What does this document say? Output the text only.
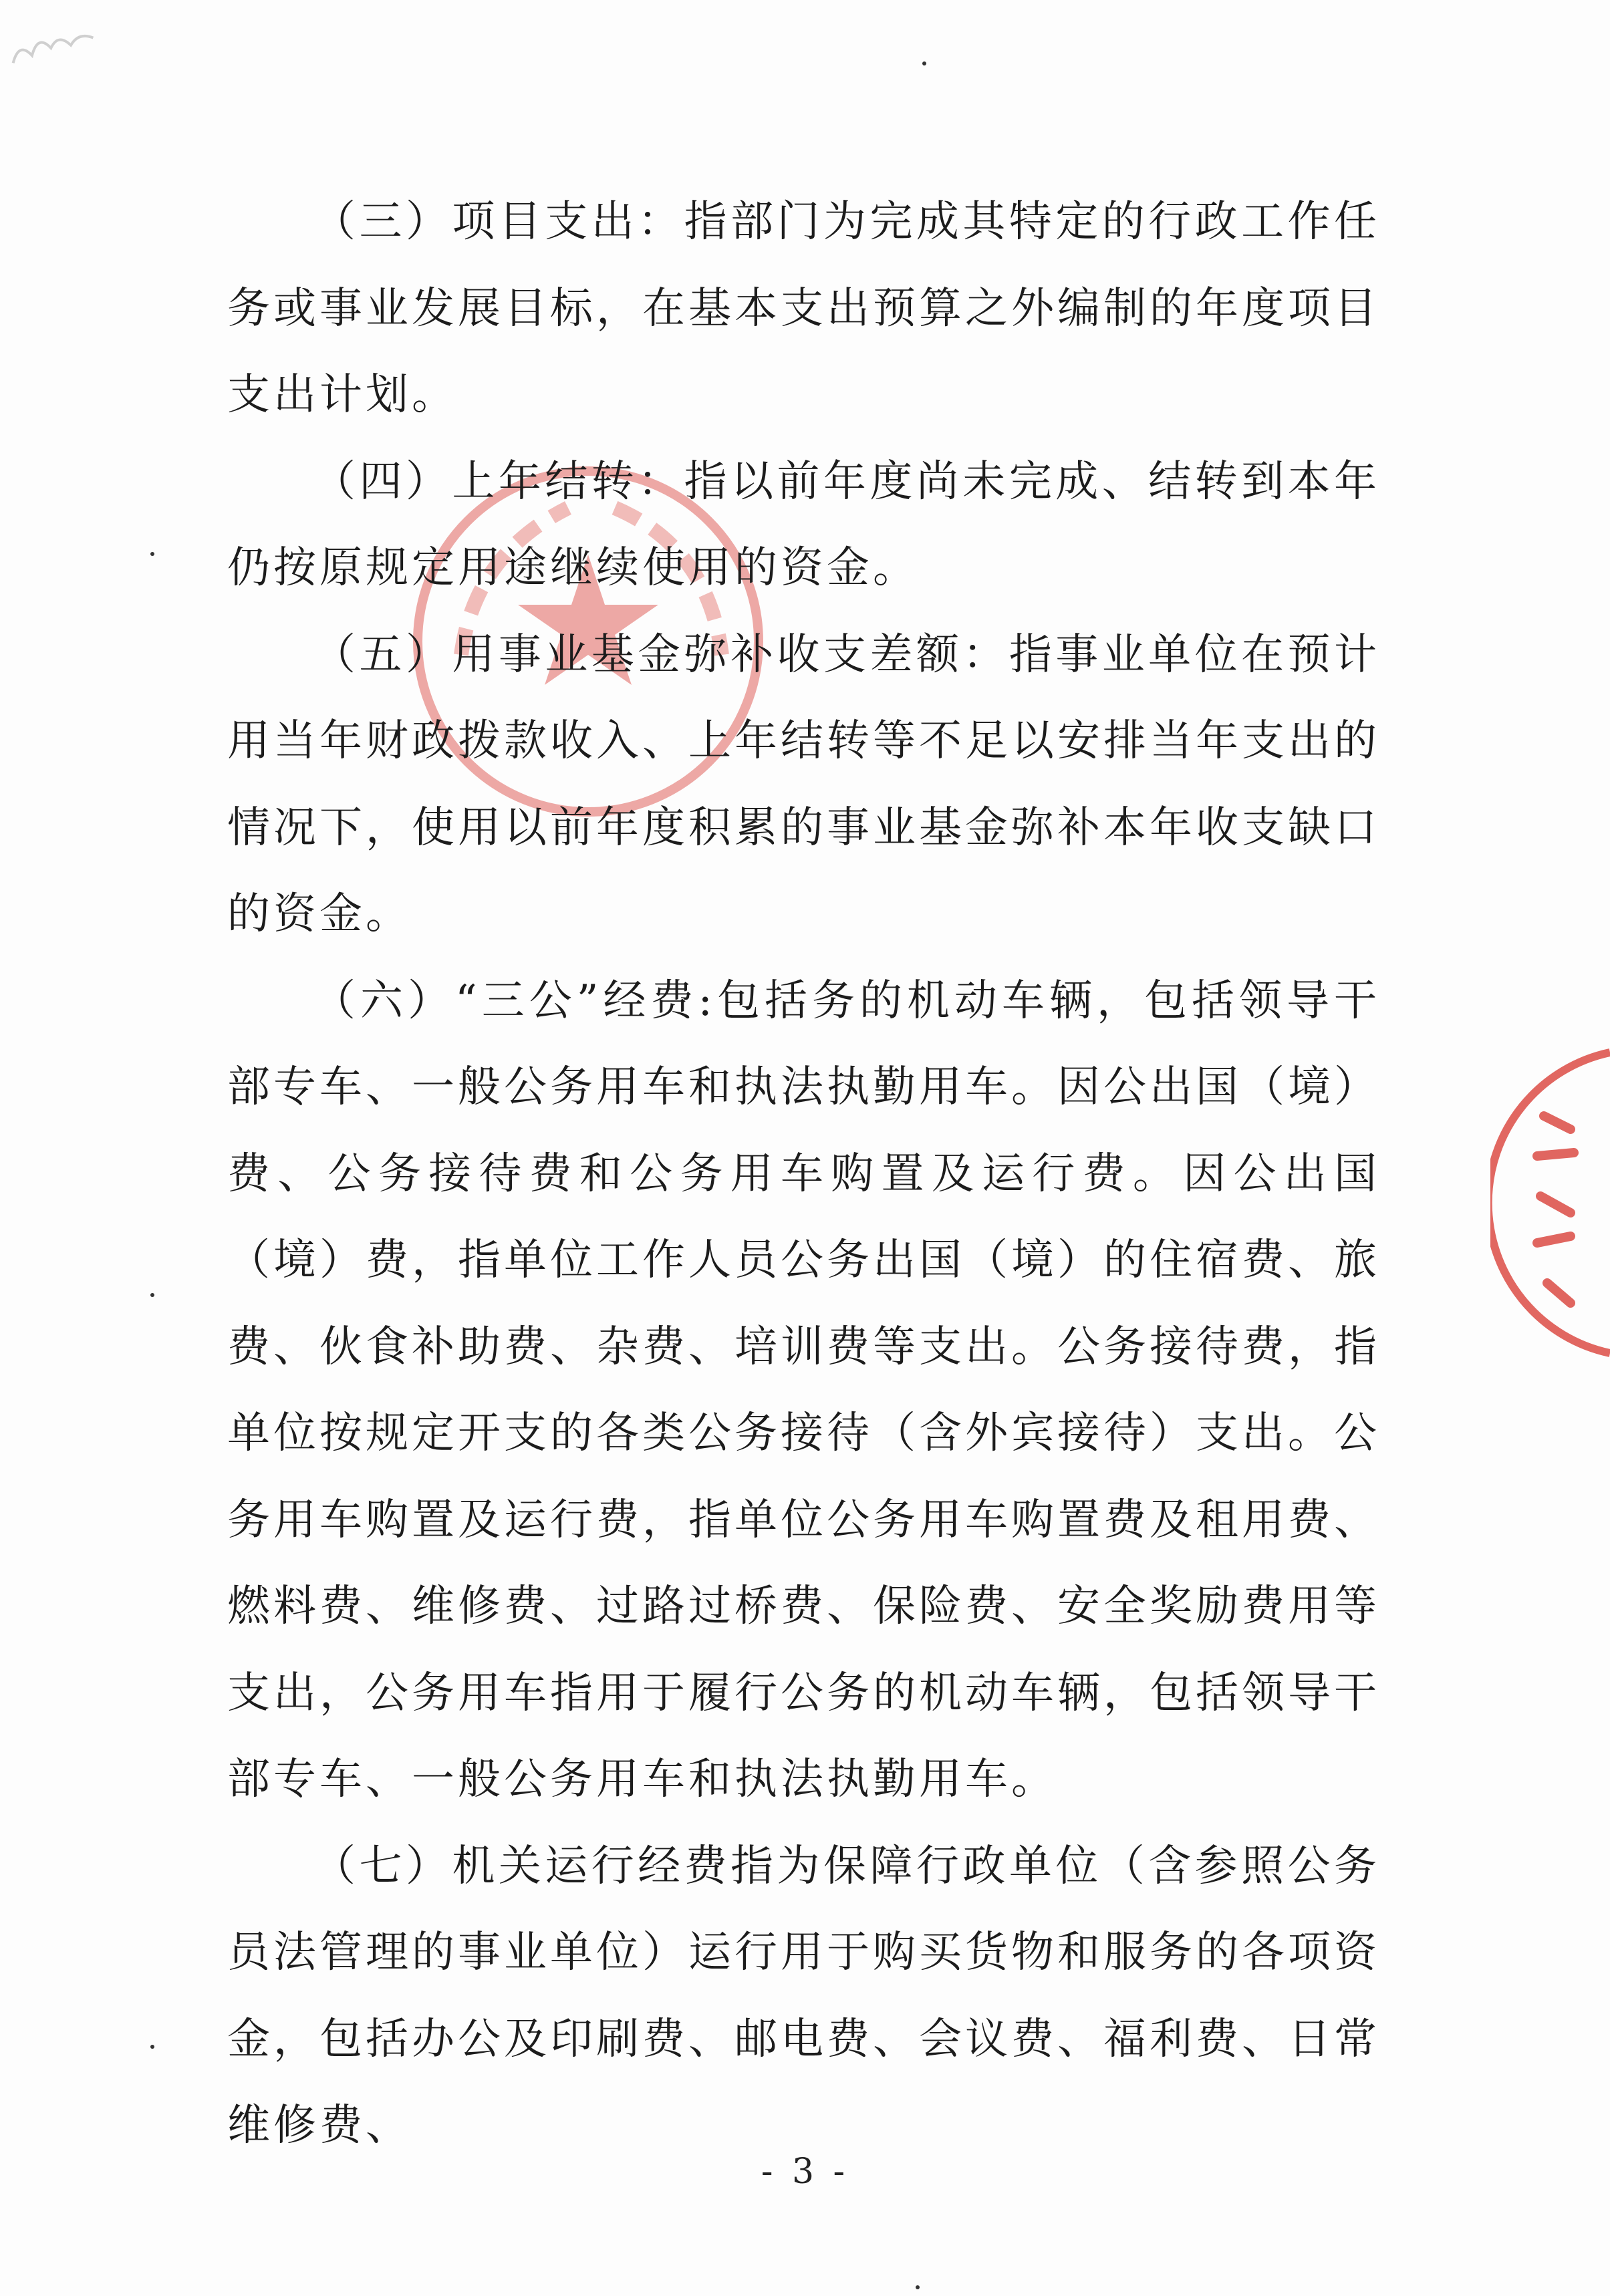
（三）项目支出：指部门为完成其特定的行政工作任务或事业发展目标，在基本支出预算之外编制的年度项目支出计划。

（四）上年结转：指以前年度尚未完成、结转到本年仍按原规定用途继续使用的资金。

（五）用事业基金弥补收支差额：指事业单位在预计用当年财政拨款收入、上年结转等不足以安排当年支出的情况下，使用以前年度积累的事业基金弥补本年收支缺口的资金。

（六）“三公”经费:包括务的机动车辆，包括领导干部专车、一般公务用车和执法执勤用车。因公出国（境）费、公务接待费和公务用车购置及运行费。因公出国（境）费，指单位工作人员公务出国（境）的住宿费、旅费、伙食补助费、杂费、培训费等支出。公务接待费，指单位按规定开支的各类公务接待（含外宾接待）支出。公务用车购置及运行费，指单位公务用车购置费及租用费、燃料费、维修费、过路过桥费、保险费、安全奖励费用等支出，公务用车指用于履行公务的机动车辆，包括领导干部专车、一般公务用车和执法执勤用车。

（七）机关运行经费指为保障行政单位（含参照公务员法管理的事业单位）运行用于购买货物和服务的各项资金，包括办公及印刷费、邮电费、会议费、福利费、日常维修费、

- 3 -
